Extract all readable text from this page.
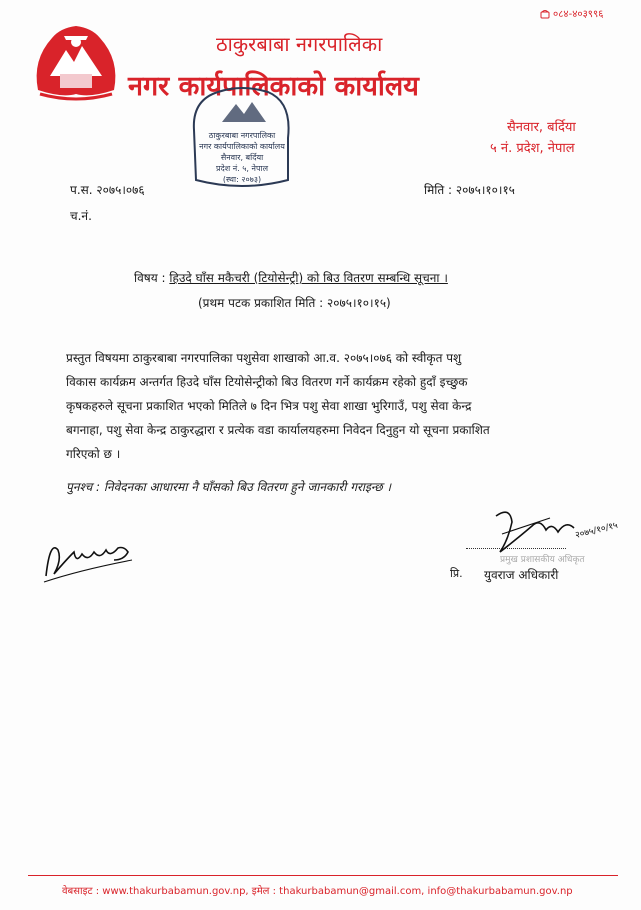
०८४-४०३९९६
ठाकुरबाबा नगरपालिका
नगर कार्यपालिकाको कार्यालय
सैनवार, बर्दिया
५ नं. प्रदेश, नेपाल
ठाकुरबाबा नगरपालिका
नगर कार्यपालिकाको कार्यालय
सैनवार, बर्दिया
प्रदेश नं. ५, नेपाल
(स्था: २०७३)
प.स. २०७५।०७६	मिति : २०७५।१०।१५
च.नं.
विषय : हिउदे घाँस मकैचरी (टियोसेन्ट्री) को बिउ वितरण सम्बन्धि सूचना ।
(प्रथम पटक प्रकाशित मिति : २०७५।१०।१५)
प्रस्तुत विषयमा ठाकुरबाबा नगरपालिका पशुसेवा शाखाको आ.व. २०७५।०७६ को स्वीकृत पशु
विकास कार्यक्रम अन्तर्गत हिउदे घाँस टियोसेन्ट्रीको बिउ वितरण गर्ने कार्यक्रम रहेको हुदाँ इच्छुक
कृषकहरुले सूचना प्रकाशित भएको मितिले ७ दिन भित्र पशु सेवा शाखा भुरिगाउँ, पशु सेवा केन्द्र
बगनाहा, पशु सेवा केन्द्र ठाकुरद्धारा र प्रत्येक वडा कार्यालयहरुमा निवेदन दिनुहुन यो सूचना प्रकाशित
गरिएको छ ।
पुनश्च : निवेदनका आधारमा नै घाँसको बिउ वितरण हुने जानकारी गराइन्छ ।
२०७५/१०/१५
प्रमुख प्रशासकीय अधिकृत
प्रि. युवराज अधिकारी
वेबसाइट : www.thakurbabamun.gov.np, इमेल : thakurbabamun@gmail.com, info@thakurbabamun.gov.np
